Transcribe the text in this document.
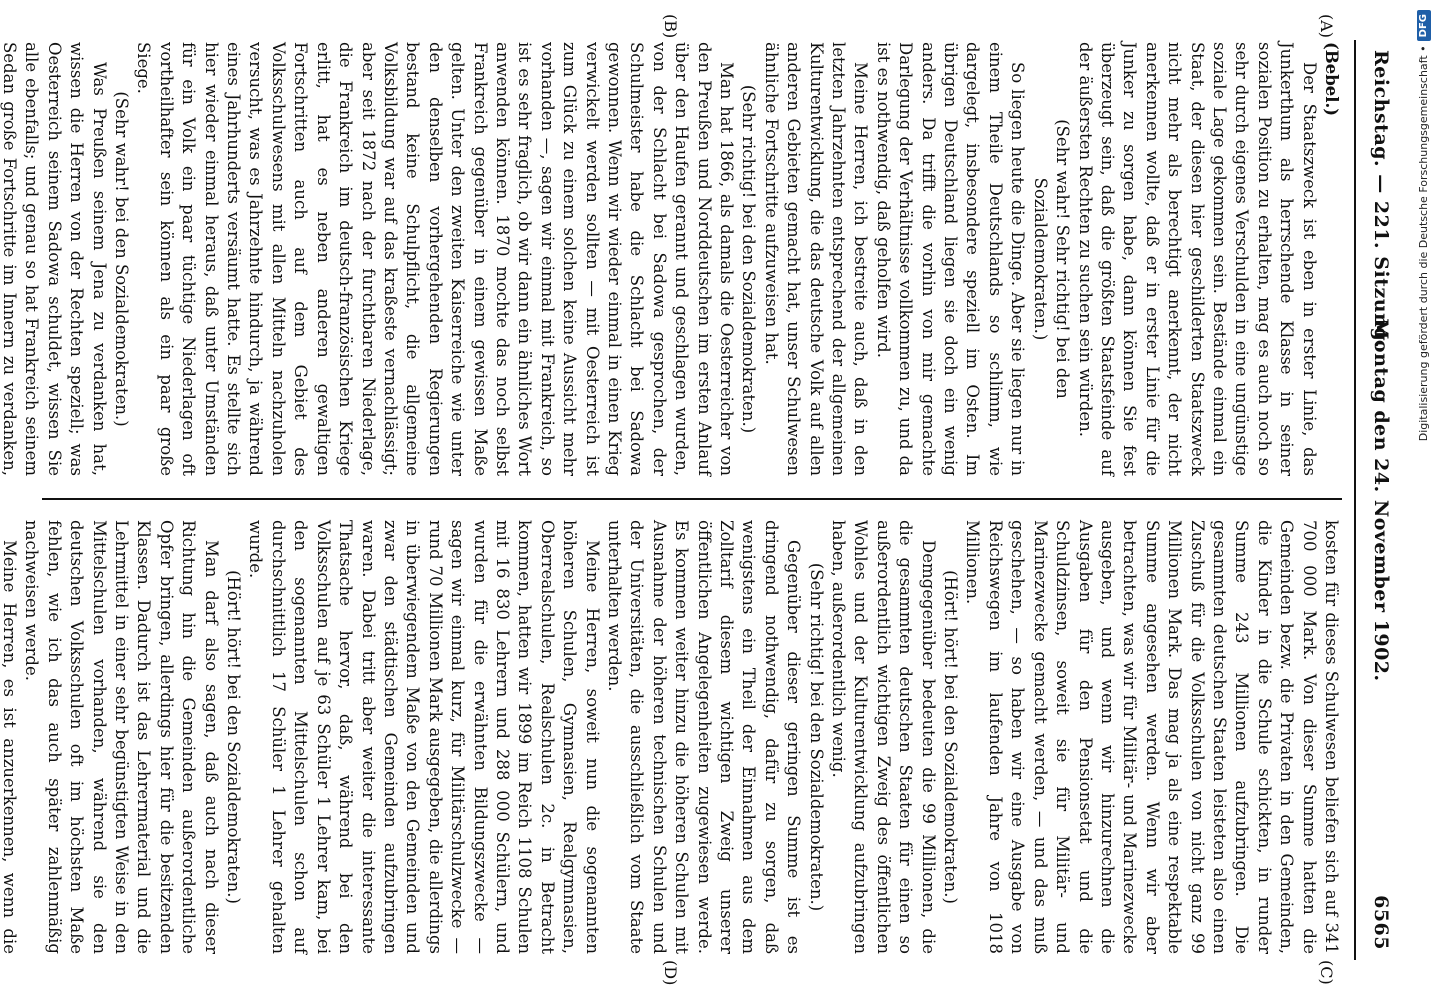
Reichstag. — 221. Sitzung.
Montag den 24. November 1902.
6565
(A)
(B)
(C)
(D)

(Bebel.)

Der Staatszweck ist eben in erster Linie, das Junkerthum als herrschende Klasse in seiner sozialen Position zu erhalten, mag es auch noch so sehr durch eigenes Verschulden in eine ungünstige soziale Lage gekommen sein. Bestände einmal ein Staat, der diesen hier geschilderten Staatszweck nicht mehr als berechtigt anerkennt, der nicht anerkennen wollte, daß er in erster Linie für die Junker zu sorgen habe, dann können Sie fest überzeugt sein, daß die größten Staatsfeinde auf der äußersten Rechten zu suchen sein würden.

(Sehr wahr! Sehr richtig! bei den Sozialdemokraten.)

So liegen heute die Dinge. Aber sie liegen nur in einem Theile Deutschlands so schlimm, wie dargelegt, insbesondere speziell im Osten. Im übrigen Deutschland liegen sie doch ein wenig anders. Da trifft die vorhin von mir gemachte Darlegung der Verhältnisse vollkommen zu, und da ist es nothwendig, daß geholfen wird.

Meine Herren, ich bestreite auch, daß in den letzten Jahrzehnten entsprechend der allgemeinen Kulturentwicklung, die das deutsche Volk auf allen anderen Gebieten gemacht hat, unser Schulwesen ähnliche Fortschritte aufzuweisen hat.

(Sehr richtig! bei den Sozialdemokraten.)

Man hat 1866, als damals die Oesterreicher von den Preußen und Norddeutschen im ersten Anlauf über den Haufen gerannt und geschlagen wurden, von der Schlacht bei Sadowa gesprochen, der Schulmeister habe die Schlacht bei Sadowa gewonnen. Wenn wir wieder einmal in einen Krieg verwickelt werden sollten — mit Oesterreich ist zum Glück zu einem solchen keine Aussicht mehr vorhanden —, sagen wir einmal mit Frankreich, so ist es sehr fraglich, ob wir dann ein ähnliches Wort anwenden können. 1870 mochte das noch selbst Frankreich gegenüber in einem gewissen Maße gelten. Unter den zweiten Kaiserreiche wie unter den denselben vorhergehenden Regierungen bestand keine Schulpflicht, die allgemeine Volksbildung war auf das kraßeste vernachlässigt; aber seit 1872 nach der furchtbaren Niederlage, die Frankreich im deutsch-französischen Kriege erlitt, hat es neben anderen gewaltigen Fortschritten auch auf dem Gebiet des Volksschulwesens mit allen Mitteln nachzuholen versucht, was es Jahrzehnte hindurch, ja während eines Jahrhunderts versäumt hatte. Es stellte sich hier wieder einmal heraus, daß unter Umständen für ein Volk ein paar tüchtige Niederlagen oft vortheilhafter sein können als ein paar große Siege.

(Sehr wahr! bei den Sozialdemokraten.)

Was Preußen seinem Jena zu verdanken hat, wissen die Herren von der Rechten speziell; was Oesterreich seinem Sadowa schuldet, wissen Sie alle ebenfalls; und genau so hat Frankreich seinem Sedan große Fortschritte im Innern zu verdanken,

kosten für dieses Schulwesen beliefen sich auf 341 700 000 Mark. Von dieser Summe hatten die Gemeinden bezw. die Privaten in den Gemeinden, die Kinder in die Schule schickten, in runder Summe 243 Millionen aufzubringen. Die gesammten deutschen Staaten leisteten also einen Zuschuß für die Volksschulen von nicht ganz 99 Millionen Mark. Das mag ja als eine respektable Summe angesehen werden. Wenn wir aber betrachten, was wir für Militär- und Marinezwecke ausgeben, und wenn wir hinzurechnen die Ausgaben für den Pensionsetat und die Schuldzinsen, soweit sie für Militär- und Marinezwecke gemacht werden, — und das muß geschehen, — so haben wir eine Ausgabe von Reichswegen im laufenden Jahre von 1018 Millionen.

(Hört! hört! bei den Sozialdemokraten.)

Demgegenüber bedeuten die 99 Millionen, die die gesammten deutschen Staaten für einen so außerordentlich wichtigen Zweig des öffentlichen Wohles und der Kulturentwicklung aufzubringen haben, außerordentlich wenig.

(Sehr richtig! bei den Sozialdemokraten.)

Gegenüber dieser geringen Summe ist es dringend nothwendig, dafür zu sorgen, daß wenigstens ein Theil der Einnahmen aus dem Zolltarif diesem wichtigen Zweig unserer öffentlichen Angelegenheiten zugewiesen werde. Es kommen weiter hinzu die höheren Schulen mit Ausnahme der höheren technischen Schulen und der Universitäten, die ausschließlich vom Staate unterhalten werden.

Meine Herren, soweit nun die sogenannten höheren Schulen, Gymnasien, Realgymnasien, Oberrealschulen, Realschulen 2c. in Betracht kommen, hatten wir 1899 im Reich 1108 Schulen mit 16 830 Lehrern und 288 000 Schülern, und wurden für die erwähnten Bildungszwecke — sagen wir einmal kurz, für Militärschulzwecke — rund 70 Millionen Mark ausgegeben, die allerdings in überwiegendem Maße von den Gemeinden und zwar den städtischen Gemeinden aufzubringen waren. Dabei tritt aber weiter die interessante Thatsache hervor, daß, während bei den Volksschulen auf je 63 Schüler 1 Lehrer kam, bei den sogenannten Mittelschulen schon auf durchschnittlich 17 Schüler 1 Lehrer gehalten wurde.

(Hört! hört! bei den Sozialdemokraten.)

Man darf also sagen, daß auch nach dieser Richtung hin die Gemeinden außerordentliche Opfer bringen, allerdings hier für die besitzenden Klassen. Dadurch ist das Lehrermaterial und die Lehrmittel in einer sehr begünstigten Weise in den Mittelschulen vorhanden, während sie den deutschen Volksschulen oft im höchsten Maße fehlen, wie ich das auch später zahlenmäßig nachweisen werde.

Meine Herren, es ist anzuerkennen, wenn die

Digitalisierung gefördert durch die Deutsche Forschungsgemeinschaft •DFG
